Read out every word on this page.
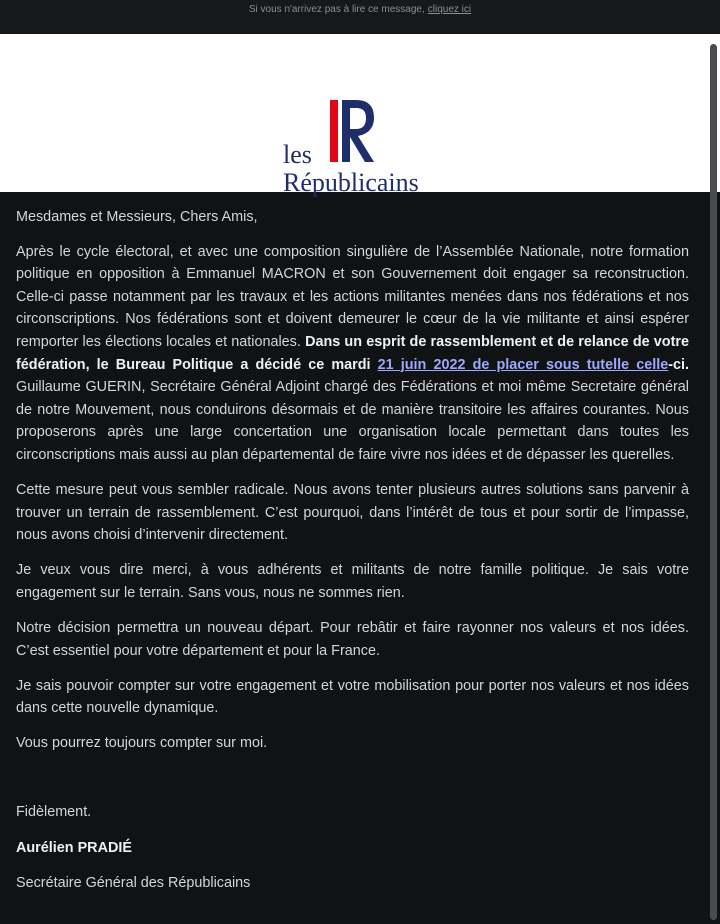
Si vous n'arrivez pas à lire ce message, cliquez ici
les
Républicains

Mesdames et Messieurs, Chers Amis,

Après le cycle électoral, et avec une composition singulière de l’Assemblée Nationale, notre formation politique en opposition à Emmanuel MACRON et son Gouvernement doit engager sa reconstruction. Celle-ci passe notamment par les travaux et les actions militantes menées dans nos fédérations et nos circonscriptions. Nos fédérations sont et doivent demeurer le cœur de la vie militante et ainsi espérer remporter les élections locales et nationales. Dans un esprit de rassemblement et de relance de votre fédération, le Bureau Politique a décidé ce mardi 21 juin 2022 de placer sous tutelle celle-ci. Guillaume GUERIN, Secrétaire Général Adjoint chargé des Fédérations et moi même Secretaire général de notre Mouvement, nous conduirons désormais et de manière transitoire les affaires courantes. Nous proposerons après une large concertation une organisation locale permettant dans toutes les circonscriptions mais aussi au plan départemental de faire vivre nos idées et de dépasser les querelles.

Cette mesure peut vous sembler radicale. Nous avons tenter plusieurs autres solutions sans parvenir à trouver un terrain de rassemblement. C’est pourquoi, dans l’intérêt de tous et pour sortir de l’impasse, nous avons choisi d’intervenir directement.

Je veux vous dire merci, à vous adhérents et militants de notre famille politique. Je sais votre engagement sur le terrain. Sans vous, nous ne sommes rien.

Notre décision permettra un nouveau départ. Pour rebâtir et faire rayonner nos valeurs et nos idées. C’est essentiel pour votre département et pour la France.

Je sais pouvoir compter sur votre engagement et votre mobilisation pour porter nos valeurs et nos idées dans cette nouvelle dynamique.

Vous pourrez toujours compter sur moi.

Fidèlement.

Aurélien PRADIÉ

Secrétaire Général des Républicains
